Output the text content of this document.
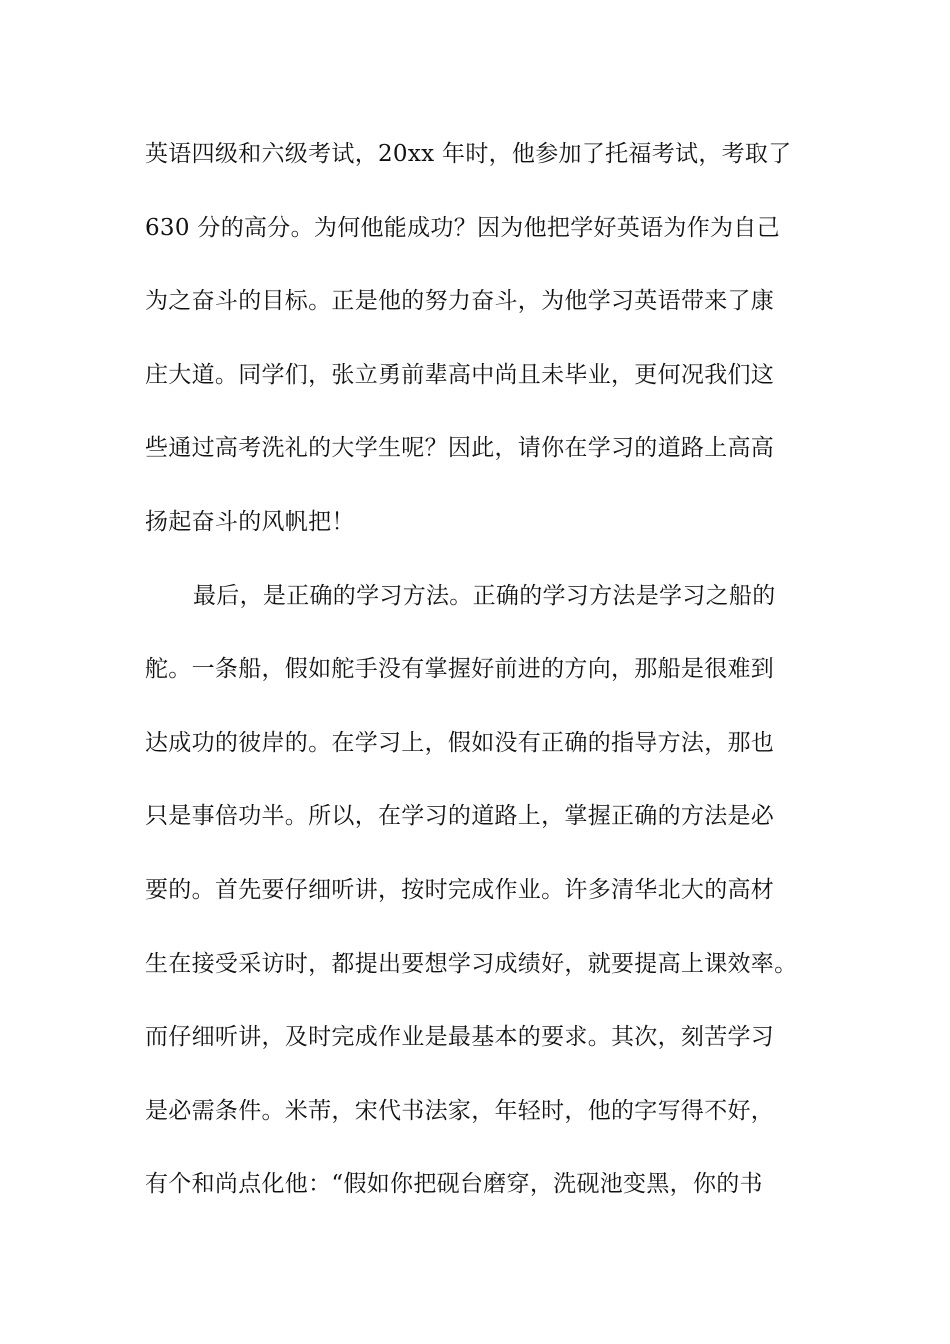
英语四级和六级考试，20xx 年时，他参加了托福考试，考取了
630 分的高分。为何他能成功？因为他把学好英语为作为自己
为之奋斗的目标。正是他的努力奋斗，为他学习英语带来了康
庄大道。同学们，张立勇前辈高中尚且未毕业，更何况我们这
些通过高考洗礼的大学生呢？因此，请你在学习的道路上高高
扬起奋斗的风帆把！
最后，是正确的学习方法。正确的学习方法是学习之船的
舵。一条船，假如舵手没有掌握好前进的方向，那船是很难到
达成功的彼岸的。在学习上，假如没有正确的指导方法，那也
只是事倍功半。所以，在学习的道路上，掌握正确的方法是必
要的。首先要仔细听讲，按时完成作业。许多清华北大的高材
生在接受采访时，都提出要想学习成绩好，就要提高上课效率。
而仔细听讲，及时完成作业是最基本的要求。其次，刻苦学习
是必需条件。米芾，宋代书法家，年轻时，他的字写得不好，
有个和尚点化他：“假如你把砚台磨穿，洗砚池变黑，你的书
